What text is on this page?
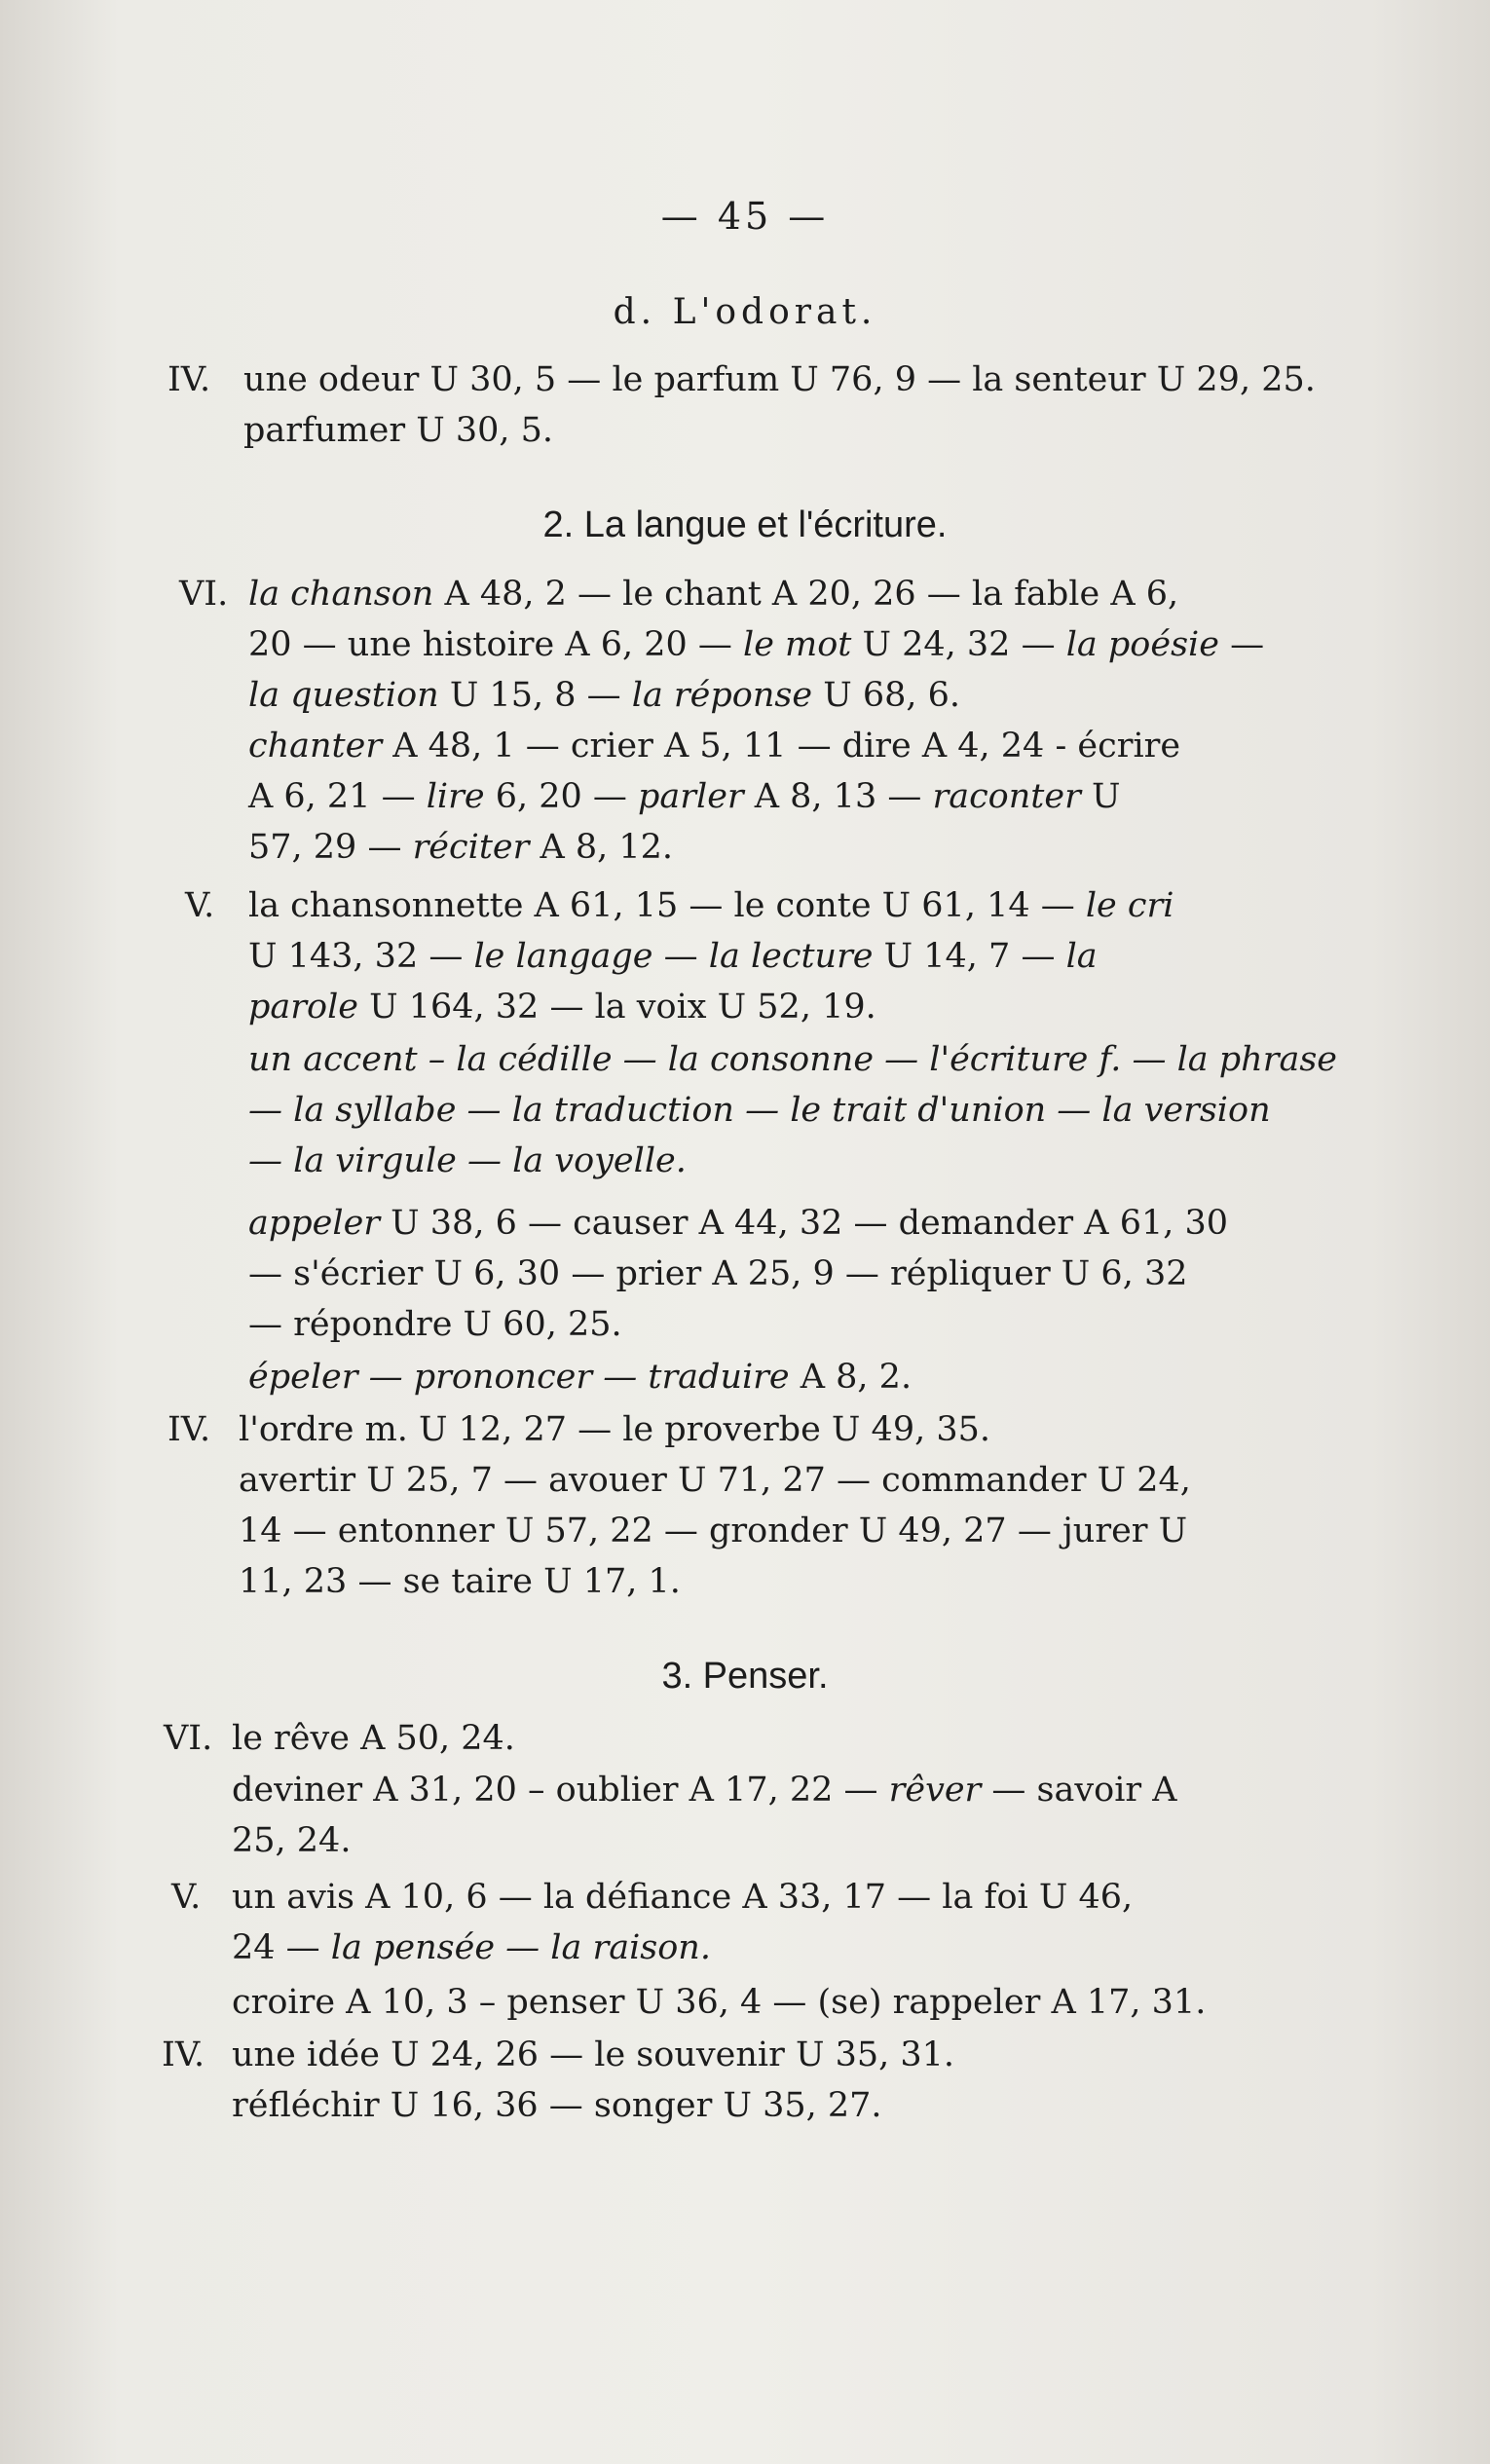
— 45 —
d. L'odorat.
IV. une odeur U 30, 5 — le parfum U 76, 9 — la senteur U 29, 25.
parfumer U 30, 5.
2. La langue et l'écriture.
VI. la chanson A 48, 2 — le chant A 20, 26 — la fable A 6,
20 — une histoire A 6, 20 — le mot U 24, 32 — la poésie —
la question U 15, 8 — la réponse U 68, 6.
chanter A 48, 1 — crier A 5, 11 — dire A 4, 24 - écrire
A 6, 21 — lire 6, 20 — parler A 8, 13 — raconter U
57, 29 — réciter A 8, 12.
V. la chansonnette A 61, 15 — le conte U 61, 14 — le cri
U 143, 32 — le langage — la lecture U 14, 7 — la
parole U 164, 32 — la voix U 52, 19.
un accent – la cédille — la consonne — l'écriture f. — la phrase
— la syllabe — la traduction — le trait d'union — la version
— la virgule — la voyelle.
appeler U 38, 6 — causer A 44, 32 — demander A 61, 30
— s'écrier U 6, 30 — prier A 25, 9 — répliquer U 6, 32
— répondre U 60, 25.
épeler — prononcer — traduire A 8, 2.
IV. l'ordre m. U 12, 27 — le proverbe U 49, 35.
avertir U 25, 7 — avouer U 71, 27 — commander U 24,
14 — entonner U 57, 22 — gronder U 49, 27 — jurer U
11, 23 — se taire U 17, 1.
3. Penser.
VI. le rêve A 50, 24.
deviner A 31, 20 – oublier A 17, 22 — rêver — savoir A
25, 24.
V. un avis A 10, 6 — la défiance A 33, 17 — la foi U 46,
24 — la pensée — la raison.
croire A 10, 3 – penser U 36, 4 — (se) rappeler A 17, 31.
IV. une idée U 24, 26 — le souvenir U 35, 31.
réfléchir U 16, 36 — songer U 35, 27.
